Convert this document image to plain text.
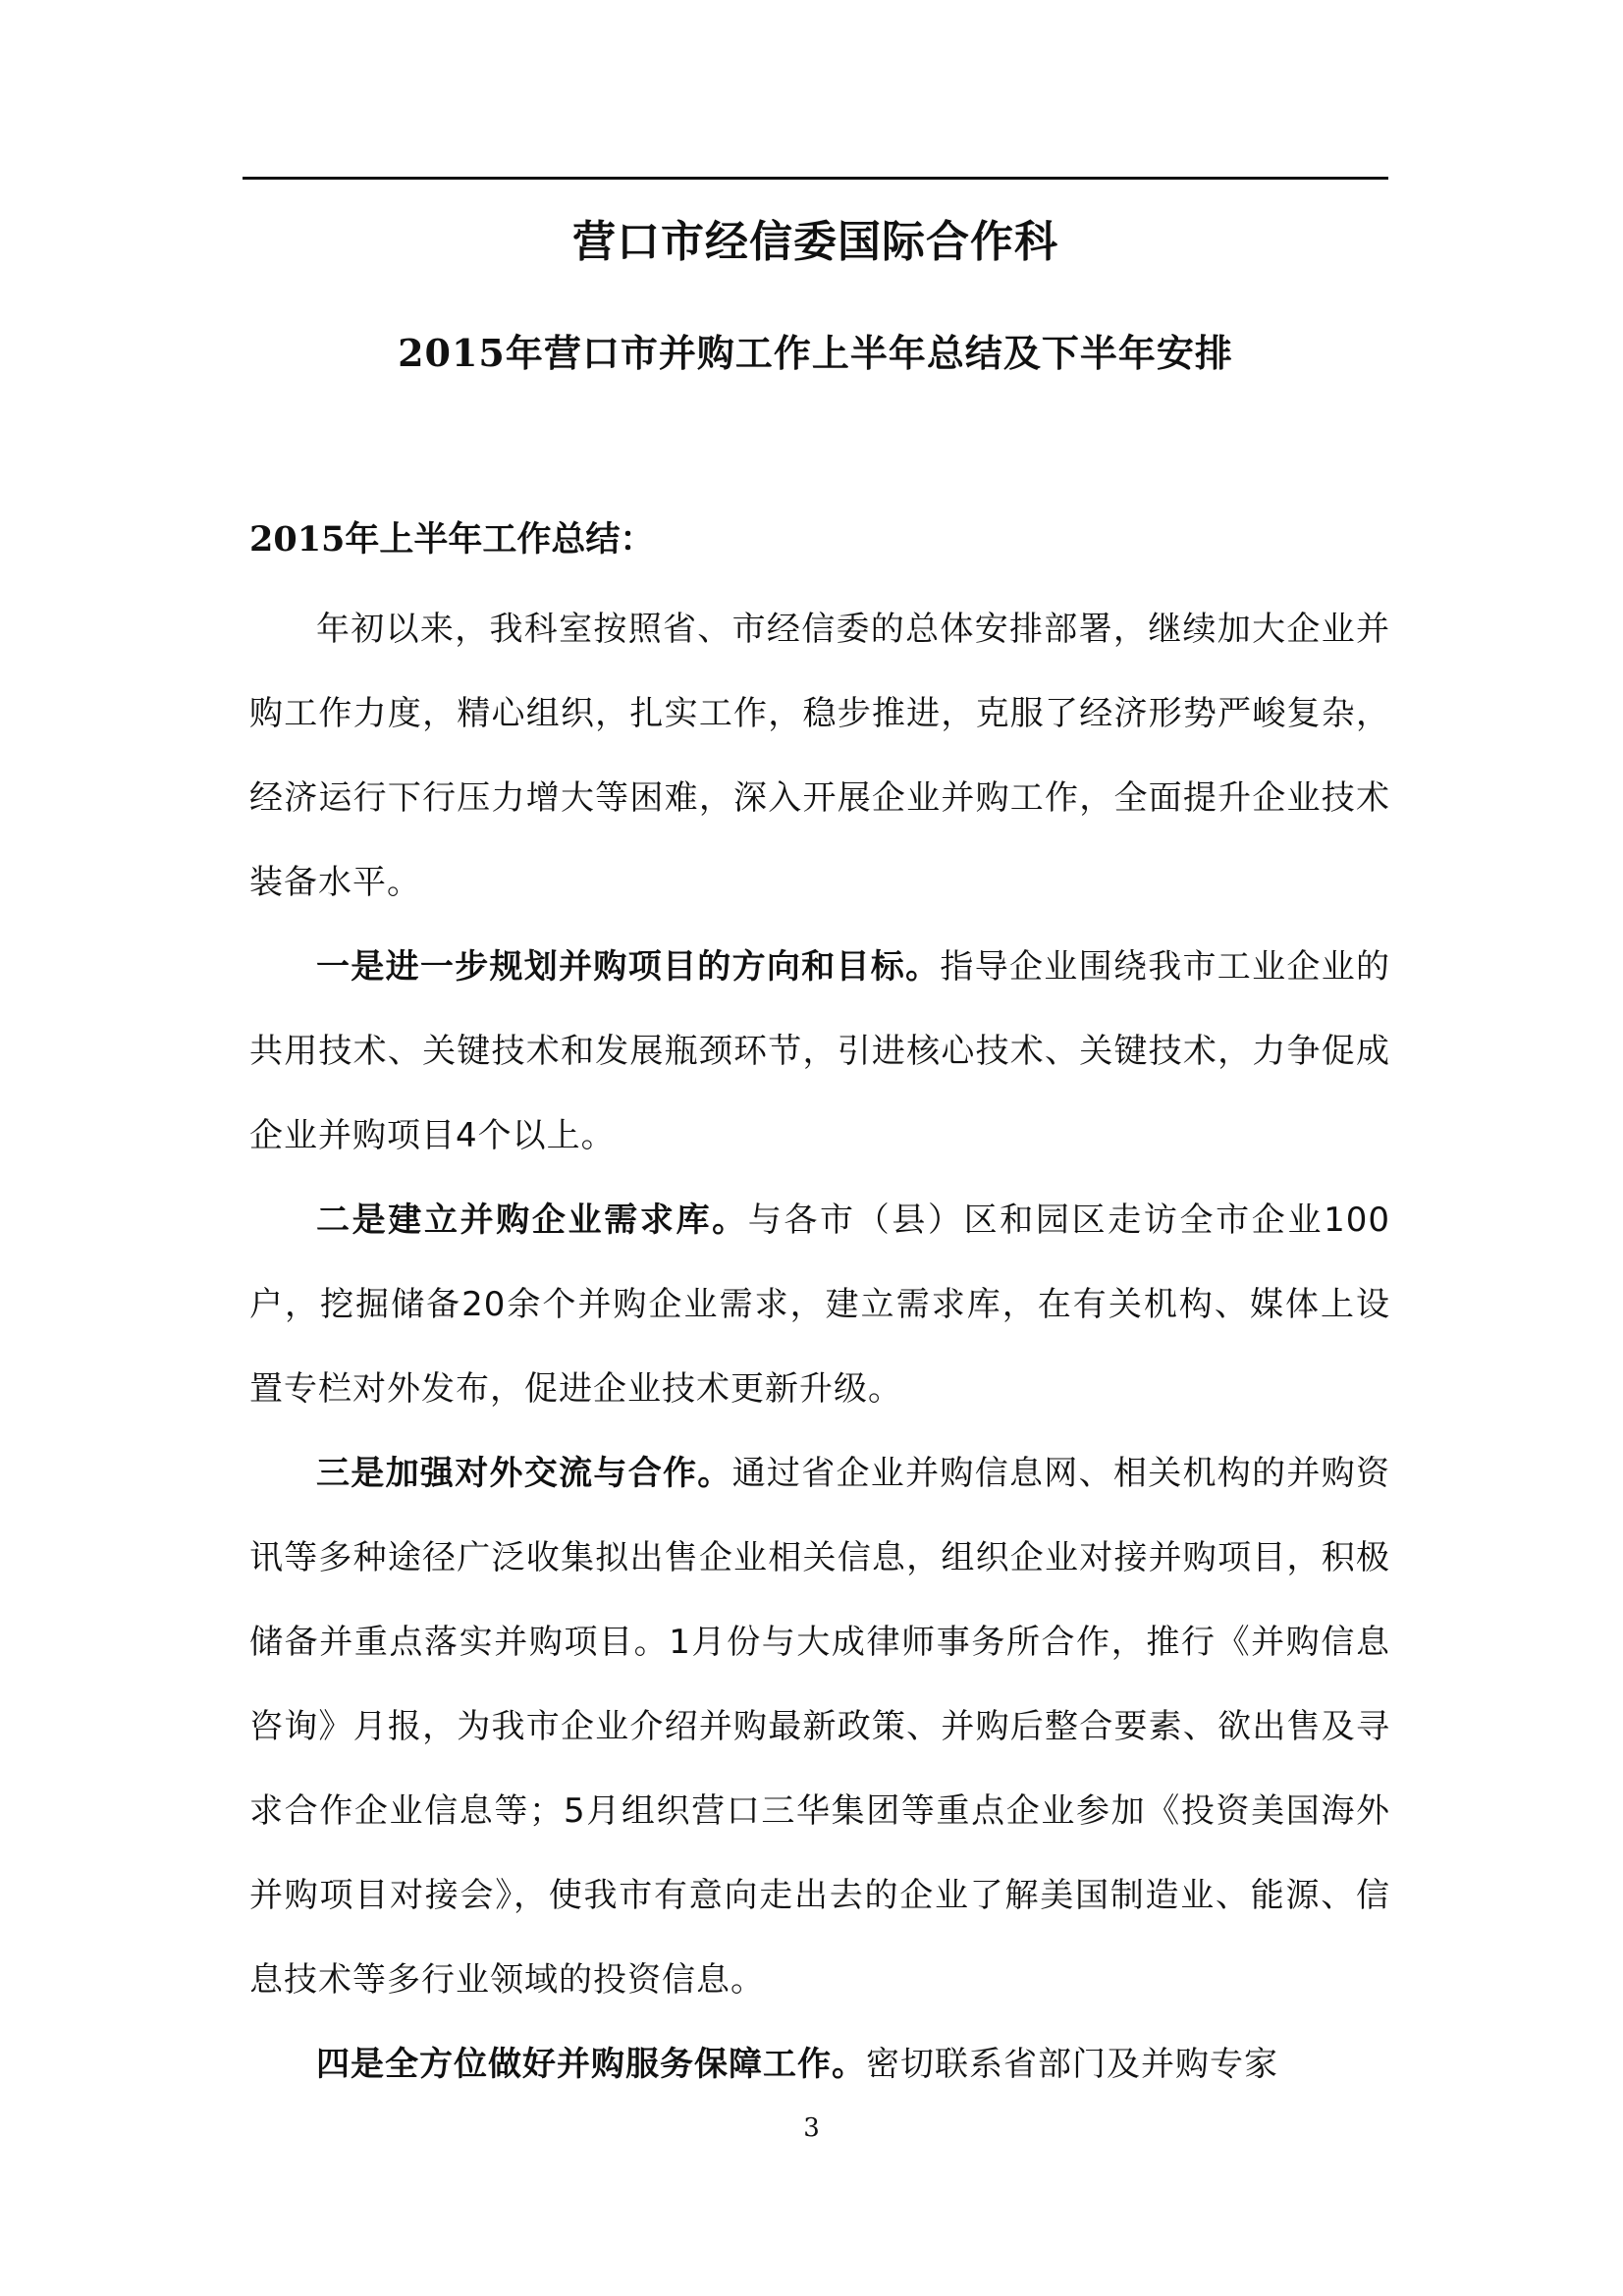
营口市经信委国际合作科
2015年营口市并购工作上半年总结及下半年安排
2015年上半年工作总结：

年初以来，我科室按照省、市经信委的总体安排部署，继续加大企业并购工作力度，精心组织，扎实工作，稳步推进，克服了经济形势严峻复杂，经济运行下行压力增大等困难，深入开展企业并购工作，全面提升企业技术装备水平。

一是进一步规划并购项目的方向和目标。指导企业围绕我市工业企业的共用技术、关键技术和发展瓶颈环节，引进核心技术、关键技术，力争促成企业并购项目4个以上。

二是建立并购企业需求库。与各市（县）区和园区走访全市企业100户，挖掘储备20余个并购企业需求，建立需求库，在有关机构、媒体上设置专栏对外发布，促进企业技术更新升级。

三是加强对外交流与合作。通过省企业并购信息网、相关机构的并购资讯等多种途径广泛收集拟出售企业相关信息，组织企业对接并购项目，积极储备并重点落实并购项目。1月份与大成律师事务所合作，推行《并购信息咨询》月报，为我市企业介绍并购最新政策、并购后整合要素、欲出售及寻求合作企业信息等；5月组织营口三华集团等重点企业参加《投资美国海外并购项目对接会》，使我市有意向走出去的企业了解美国制造业、能源、信息技术等多行业领域的投资信息。

四是全方位做好并购服务保障工作。密切联系省部门及并购专家

3
